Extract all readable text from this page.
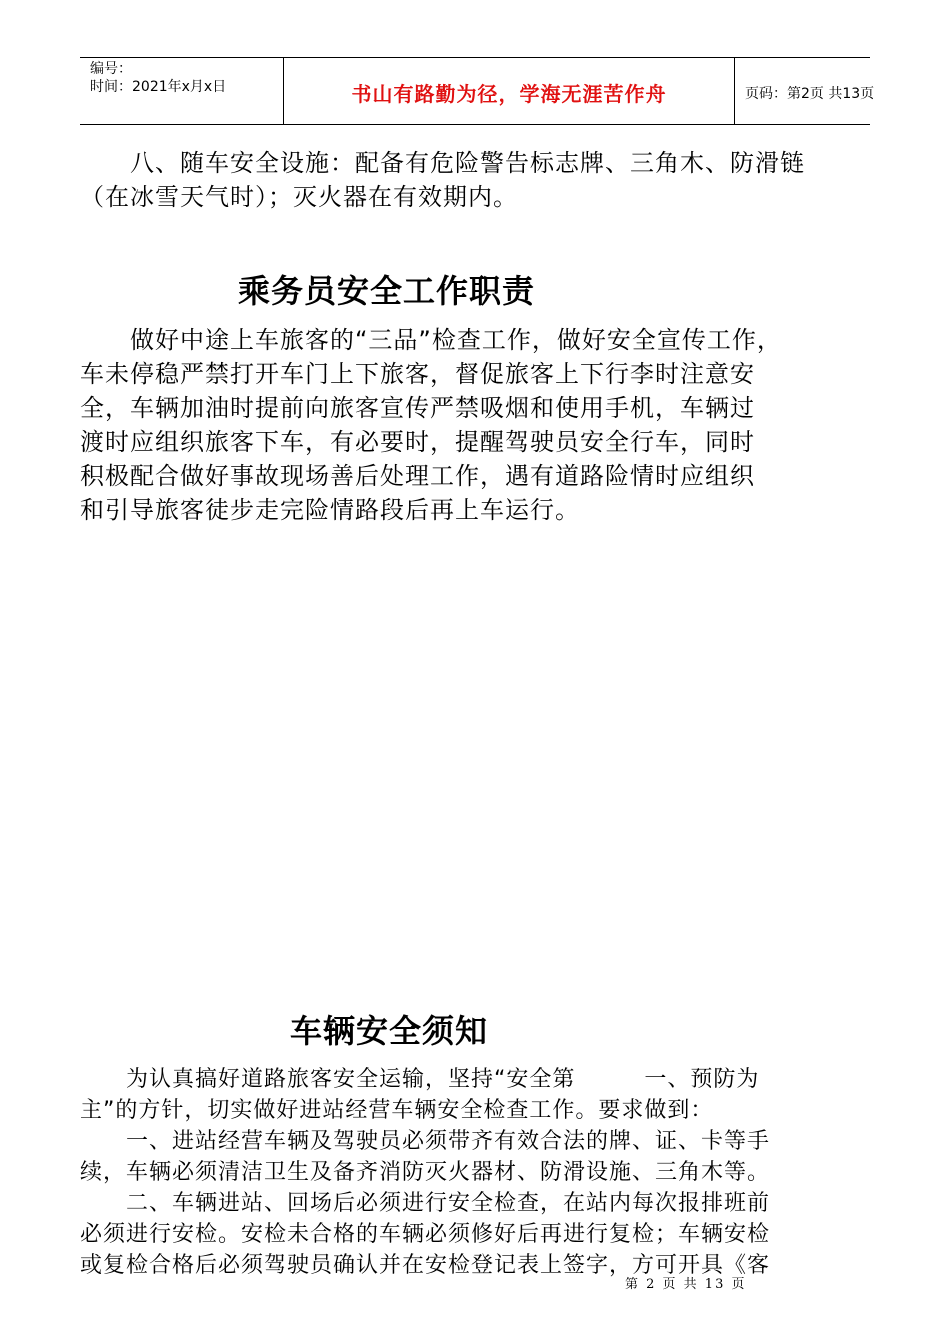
编号：
时间：2021年x月x日	书山有路勤为径，学海无涯苦作舟	页码：第2页 共13页
　　八、随车安全设施：配备有危险警告标志牌、三角木、防滑链
（在冰雪天气时）；灭火器在有效期内。
乘务员安全工作职责
　　做好中途上车旅客的“三品”检查工作，做好安全宣传工作，
车未停稳严禁打开车门上下旅客，督促旅客上下行李时注意安
全，车辆加油时提前向旅客宣传严禁吸烟和使用手机，车辆过
渡时应组织旅客下车，有必要时，提醒驾驶员安全行车，同时
积极配合做好事故现场善后处理工作，遇有道路险情时应组织
和引导旅客徒步走完险情路段后再上车运行。
车辆安全须知
　　为认真搞好道路旅客安全运输，坚持“安全第　　　一、预防为
主”的方针，切实做好进站经营车辆安全检查工作。要求做到：
　　一、进站经营车辆及驾驶员必须带齐有效合法的牌、证、卡等手
续，车辆必须清洁卫生及备齐消防灭火器材、防滑设施、三角木等。
　　二、车辆进站、回场后必须进行安全检查，在站内每次报排班前
必须进行安检。安检未合格的车辆必须修好后再进行复检；车辆安检
或复检合格后必须驾驶员确认并在安检登记表上签字，方可开具《客
第 2 页 共 13 页
